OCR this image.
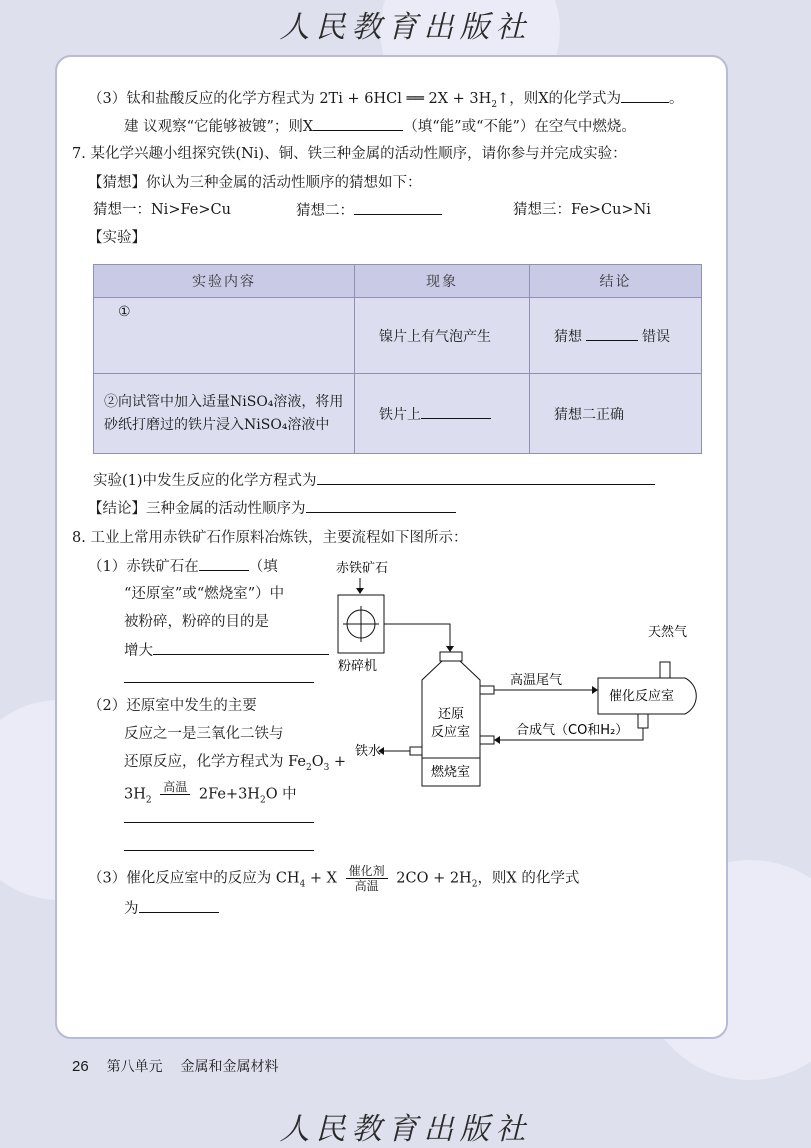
人民教育出版社
（3）钛和盐酸反应的化学方程式为 2Ti + 6HCl ══ $2X + 3H_2↑$，则X的化学式为	。
建 议观察“它能够被镀”；则X	（填“能”或“不能”）在空气中燃烧。
7. 某化学兴趣小组探究铁(Ni)、铜、铁三种金属的活动性顺序，请你参与并完成实验：
【猜想】你认为三种金属的活动性顺序的猜想如下：
猜想一：Ni>Fe>Cu	猜想二：	猜想三：Fe>Cu>Ni
【实验】
实验内容	现象	结论
①	镍片上有气泡产生	猜想 错误
②向试管中加入适量NiSO₄溶液，将用砂纸打磨过的铁片浸入NiSO₄溶液中	铁片上	猜想二正确
实验(1)中发生反应的化学方程式为
【结论】三种金属的活动性顺序为
8. 工业上常用赤铁矿石作原料冶炼铁，主要流程如下图所示：
（1）赤铁矿石在	（填
“还原室”或“燃烧室”）中
被粉碎，粉碎的目的是
增大
（2）还原室中发生的主要
反应之一是三氧化二铁与
还原反应，化学方程式为 $Fe_2O_3$ +
$3H_2$
高温
$2Fe+3H_2O$ 中
（3）催化反应室中的反应为 $CH_4 + X \frac{\text{催化剂}}{\text{高温}} 2CO + 2H_2$，则X 的化学式
为
赤铁矿石
粉碎机
还原
反应室
燃烧室
铁水
高温尾气
催化反应室
天然气
合成气（CO和H₂）
26 第八单元 金属和金属材料
人民教育出版社
